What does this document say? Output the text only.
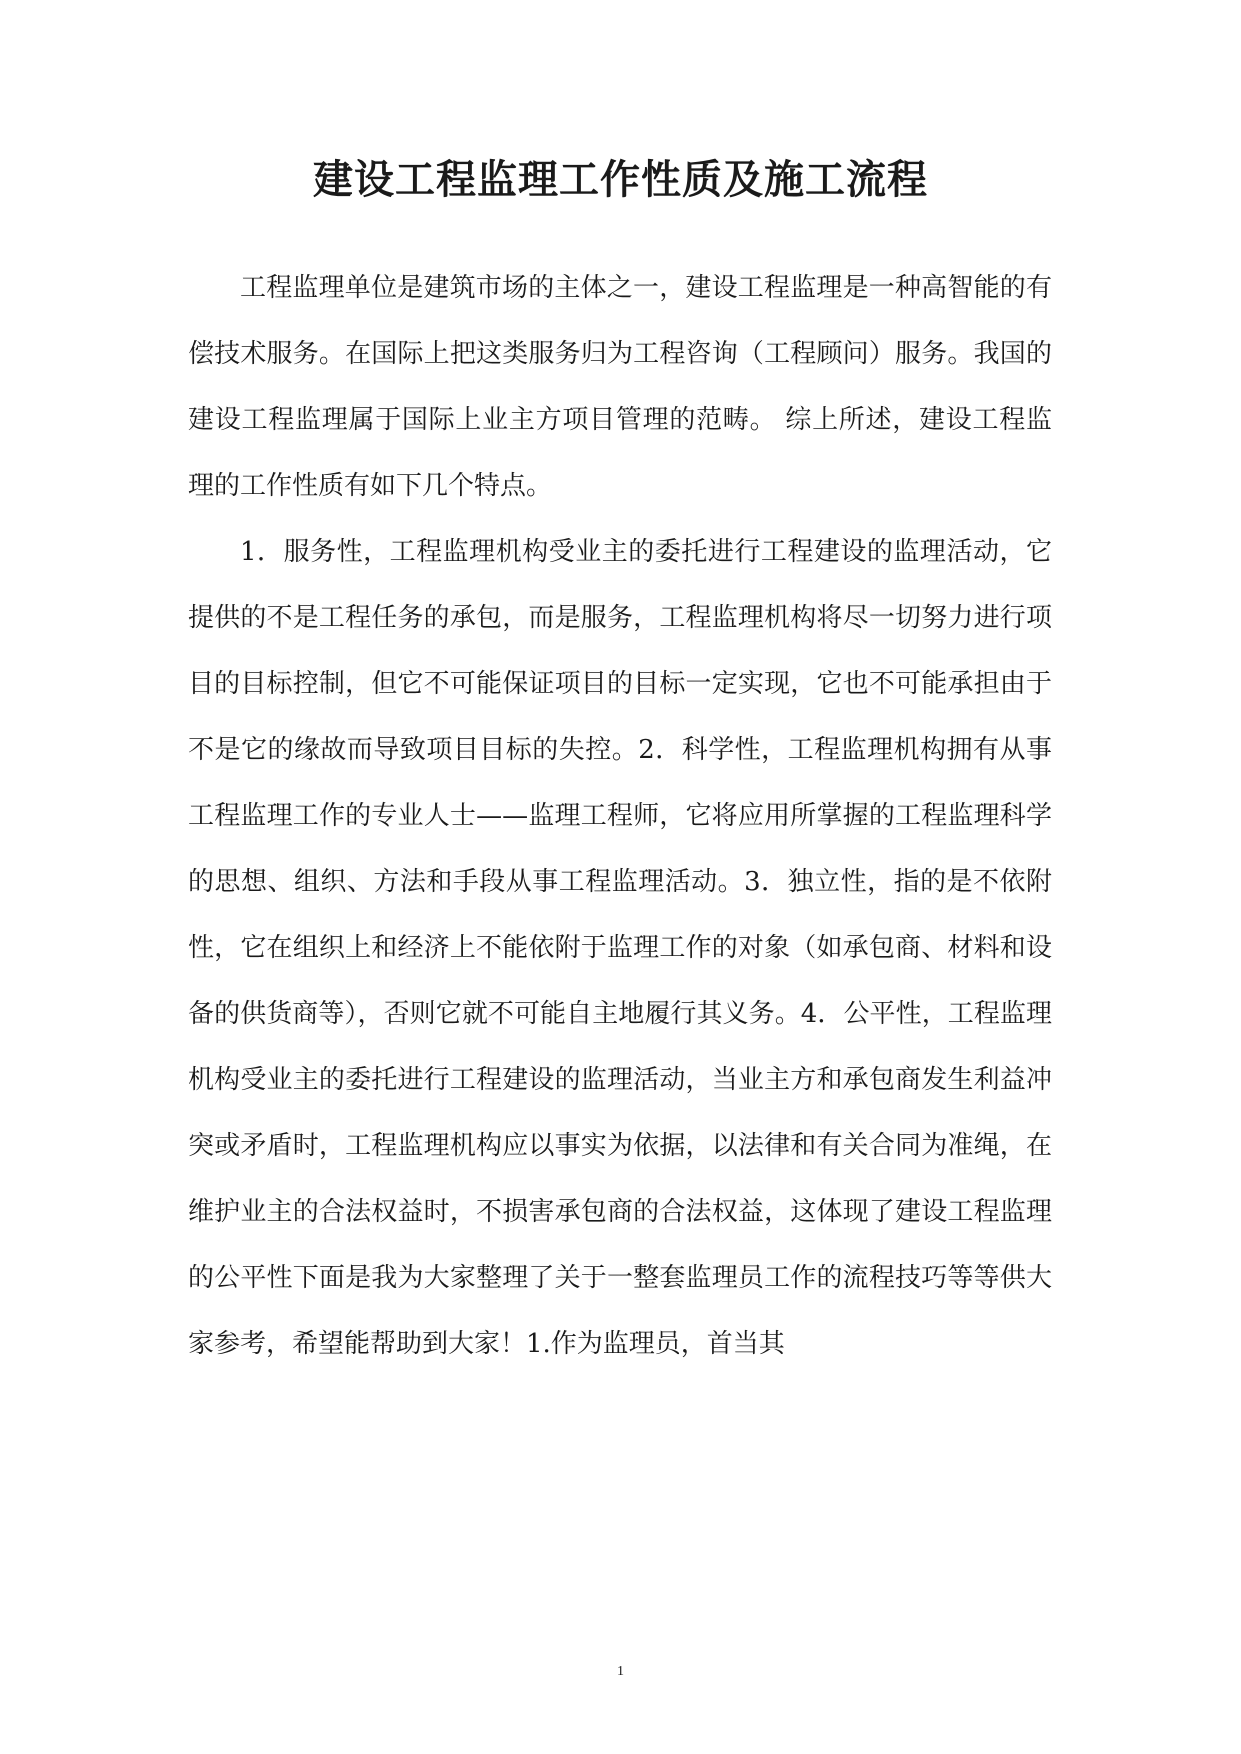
建设工程监理工作性质及施工流程

工程监理单位是建筑市场的主体之一，建设工程监理是一种高智能的有偿技术服务。在国际上把这类服务归为工程咨询（工程顾问）服务。我国的建设工程监理属于国际上业主方项目管理的范畴。 综上所述，建设工程监理的工作性质有如下几个特点。

1．服务性，工程监理机构受业主的委托进行工程建设的监理活动，它提供的不是工程任务的承包，而是服务，工程监理机构将尽一切努力进行项目的目标控制，但它不可能保证项目的目标一定实现，它也不可能承担由于不是它的缘故而导致项目目标的失控。2．科学性，工程监理机构拥有从事工程监理工作的专业人士——监理工程师，它将应用所掌握的工程监理科学的思想、组织、方法和手段从事工程监理活动。3．独立性，指的是不依附性，它在组织上和经济上不能依附于监理工作的对象（如承包商、材料和设备的供货商等），否则它就不可能自主地履行其义务。4．公平性，工程监理机构受业主的委托进行工程建设的监理活动，当业主方和承包商发生利益冲突或矛盾时，工程监理机构应以事实为依据，以法律和有关合同为准绳，在维护业主的合法权益时，不损害承包商的合法权益，这体现了建设工程监理的公平性下面是我为大家整理了关于一整套监理员工作的流程技巧等等供大家参考，希望能帮助到大家！1.作为监理员，首当其

1
